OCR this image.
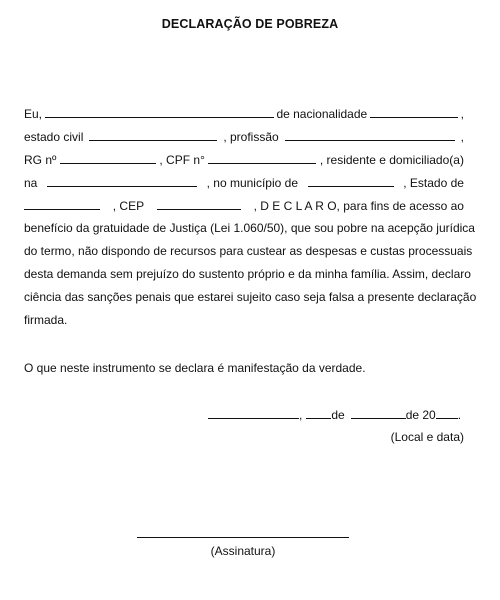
DECLARAÇÃO DE POBREZA
Eu,	de nacionalidade	,
estado civil	, profissão	,
RG nº	, CPF n°	, residente e domiciliado(a)
na	, no município de	, Estado de
, CEP	, D E C L A R O, para fins de acesso ao
benefício da gratuidade de Justiça (Lei 1.060/50), que sou pobre na acepção jurídica
do termo, não dispondo de recursos para custear as despesas e custas processuais
desta demanda sem prejuízo do sustento próprio e da minha família. Assim, declaro
ciência das sanções penais que estarei sujeito caso seja falsa a presente declaração
firmada.
O que neste instrumento se declara é manifestação da verdade.
, de	de 20 .
(Local e data)
(Assinatura)
